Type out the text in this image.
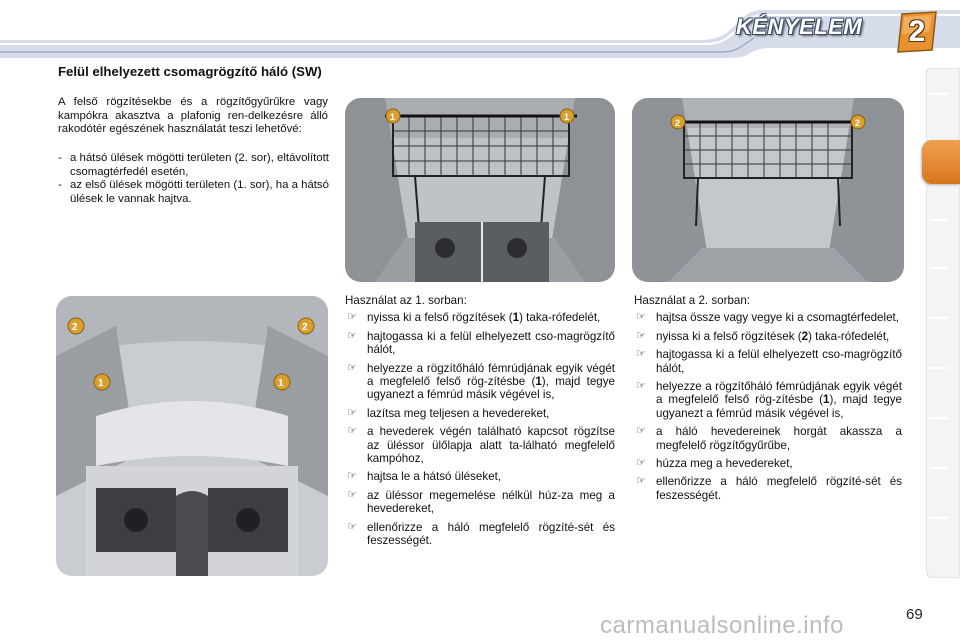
KÉNYELEM	2
Felül elhelyezett csomagrögzítő háló (SW)

A felső rögzítésekbe és a rögzítőgyűrűkre vagy kampókra akasztva a plafonig ren-delkezésre álló rakodótér egészének használatát teszi lehetővé:

- a hátsó ülések mögötti területen (2. sor), eltávolított csomagtérfedél esetén,
- az első ülések mögötti területen (1. sor), ha a hátsó ülések le vannak hajtva.
1	1
2	2
2	2
1	1
Használat az 1. sorban:
☞ nyissa ki a felső rögzítések (1) taka-rófedelét,
☞ hajtogassa ki a felül elhelyezett cso-magrögzítő hálót,
☞ helyezze a rögzítőháló fémrúdjának egyik végét a megfelelő felső rög-zítésbe (1), majd tegye ugyanezt a fémrúd másik végével is,
☞ lazítsa meg teljesen a hevedereket,
☞ a hevederek végén található kapcsot rögzítse az üléssor ülőlapja alatt ta-lálható megfelelő kampóhoz,
☞ hajtsa le a hátsó üléseket,
☞ az üléssor megemelése nélkül húz-za meg a hevedereket,
☞ ellenőrizze a háló megfelelő rögzíté-sét és feszességét.
Használat a 2. sorban:
☞ hajtsa össze vagy vegye ki a csomagtérfedelet,
☞ nyissa ki a felső rögzítések (2) taka-rófedelét,
☞ hajtogassa ki a felül elhelyezett cso-magrögzítő hálót,
☞ helyezze a rögzítőháló fémrúdjának egyik végét a megfelelő felső rög-zítésbe (1), majd tegye ugyanezt a fémrúd másik végével is,
☞ a háló hevedereinek horgát akassza a megfelelő rögzítőgyűrűbe,
☞ húzza meg a hevedereket,
☞ ellenőrizze a háló megfelelő rögzíté-sét és feszességét.
carmanualsonline.info	69
